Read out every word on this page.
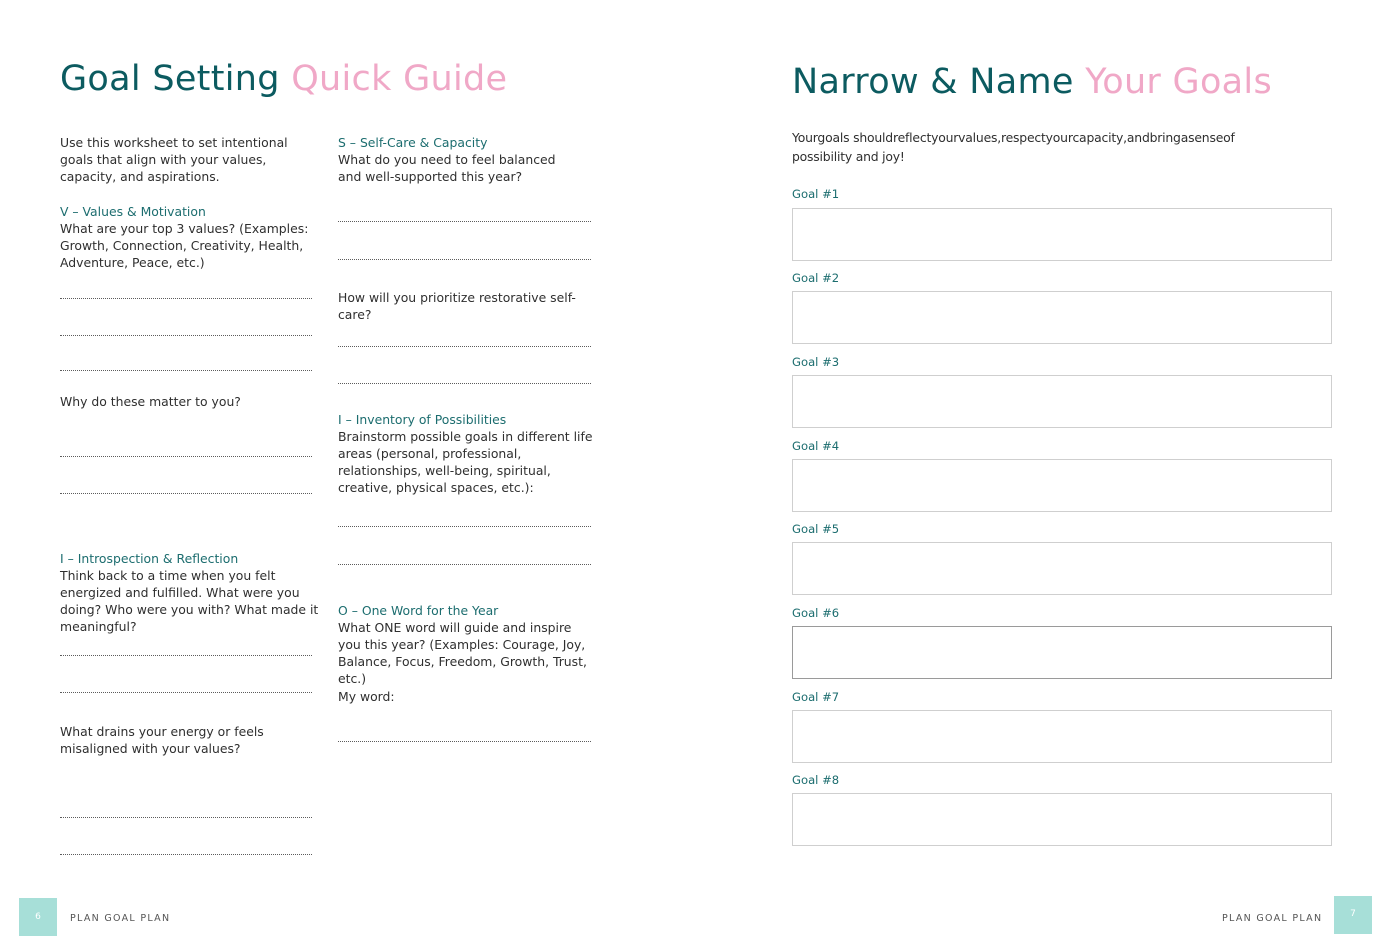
Goal Setting Quick Guide
Use this worksheet to set intentional goals that align with your values, capacity, and aspirations.
V – Values & Motivation
What are your top 3 values? (Examples: Growth, Connection, Creativity, Health, Adventure, Peace, etc.)
Why do these matter to you?
I – Introspection & Reflection
Think back to a time when you felt energized and fulfilled. What were you doing? Who were you with? What made it meaningful?
What drains your energy or feels misaligned with your values?
S – Self-Care & Capacity
What do you need to feel balanced and well-supported this year?
How will you prioritize restorative self-care?
I – Inventory of Possibilities
Brainstorm possible goals in different life areas (personal, professional, relationships, well-being, spiritual, creative, physical spaces, etc.):
O – One Word for the Year
What ONE word will guide and inspire you this year? (Examples: Courage, Joy, Balance, Focus, Freedom, Growth, Trust, etc.)
My word:
6	PLAN GOAL PLAN
Narrow & Name Your Goals
Yourgoals shouldreflectyourvalues,respectyourcapacity,andbringasenseof possibility and joy!
Goal #1
Goal #2
Goal #3
Goal #4
Goal #5
Goal #6
Goal #7
Goal #8
PLAN GOAL PLAN	7
